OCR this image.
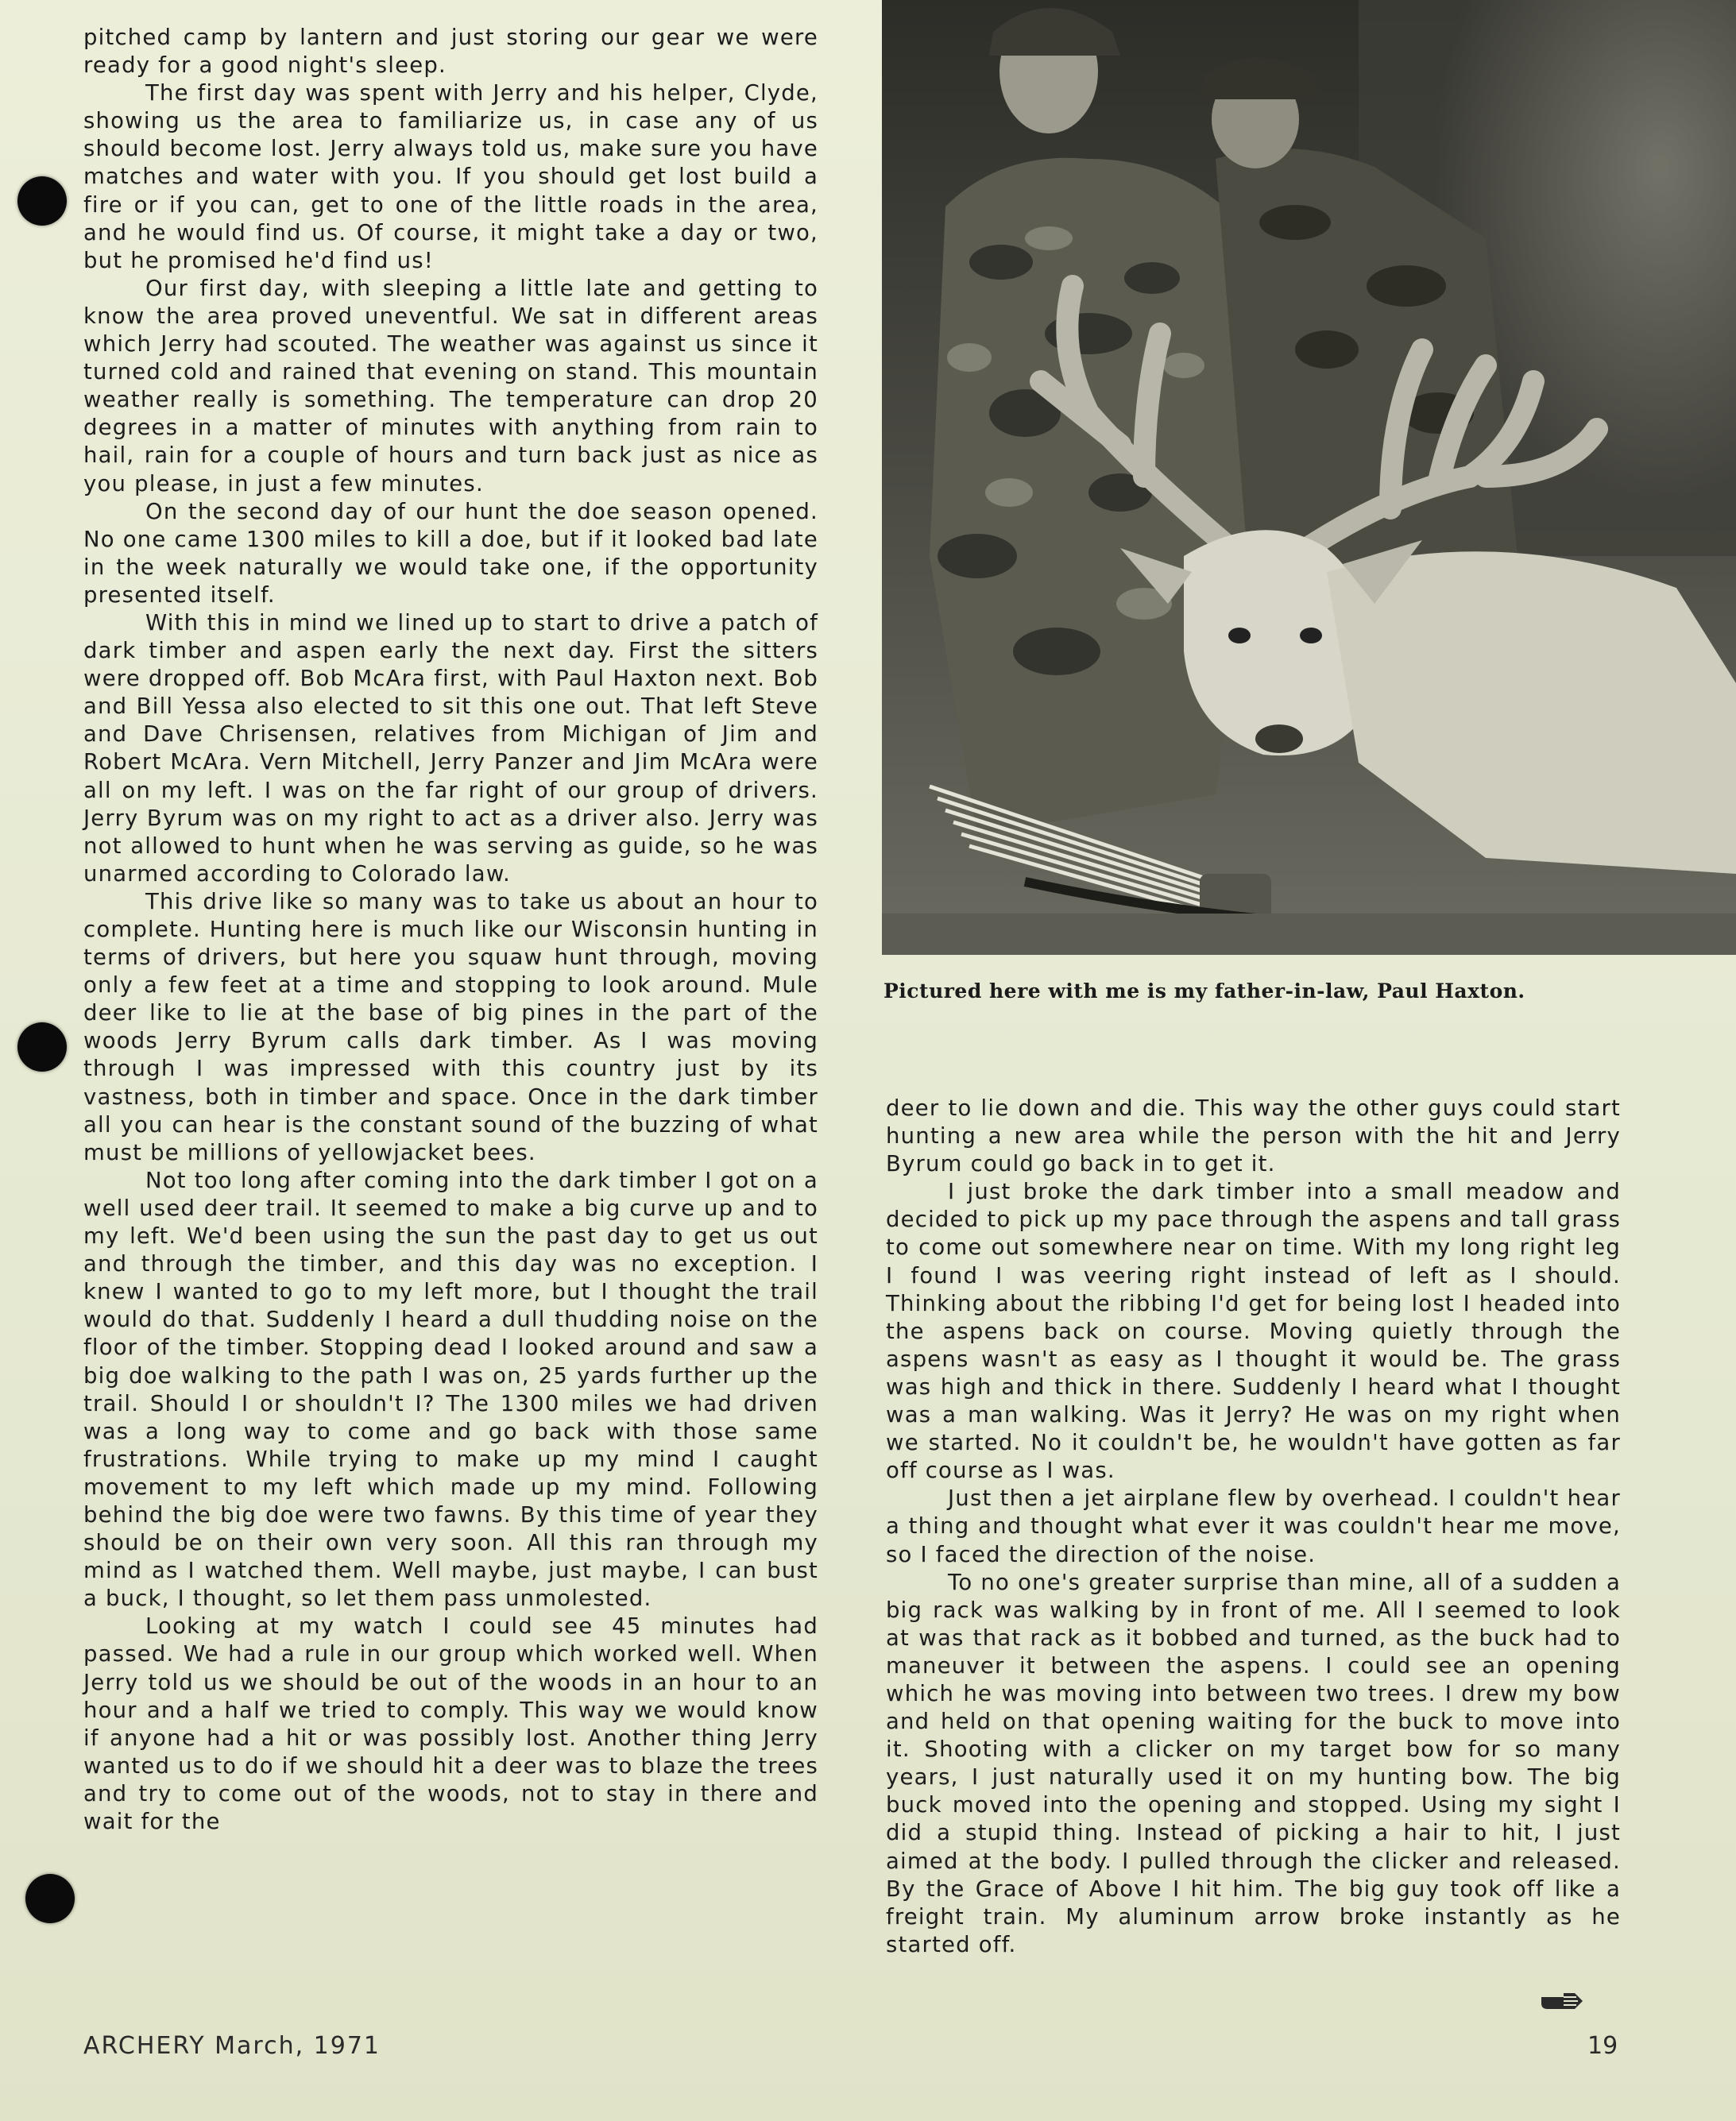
pitched camp by lantern and just storing our gear we were ready for a good night's sleep.

The first day was spent with Jerry and his helper, Clyde, showing us the area to familiarize us, in case any of us should become lost. Jerry always told us, make sure you have matches and water with you. If you should get lost build a fire or if you can, get to one of the little roads in the area, and he would find us. Of course, it might take a day or two, but he promised he'd find us!

Our first day, with sleeping a little late and getting to know the area proved uneventful. We sat in different areas which Jerry had scouted. The weather was against us since it turned cold and rained that evening on stand. This mountain weather really is something. The temperature can drop 20 degrees in a matter of minutes with anything from rain to hail, rain for a couple of hours and turn back just as nice as you please, in just a few minutes.

On the second day of our hunt the doe season opened. No one came 1300 miles to kill a doe, but if it looked bad late in the week naturally we would take one, if the opportunity presented itself.

With this in mind we lined up to start to drive a patch of dark timber and aspen early the next day. First the sitters were dropped off. Bob McAra first, with Paul Haxton next. Bob and Bill Yessa also elected to sit this one out. That left Steve and Dave Chrisensen, relatives from Michigan of Jim and Robert McAra. Vern Mitchell, Jerry Panzer and Jim McAra were all on my left. I was on the far right of our group of drivers. Jerry Byrum was on my right to act as a driver also. Jerry was not allowed to hunt when he was serving as guide, so he was unarmed according to Colorado law.

This drive like so many was to take us about an hour to complete. Hunting here is much like our Wisconsin hunting in terms of drivers, but here you squaw hunt through, moving only a few feet at a time and stopping to look around. Mule deer like to lie at the base of big pines in the part of the woods Jerry Byrum calls dark timber. As I was moving through I was impressed with this country just by its vastness, both in timber and space. Once in the dark timber all you can hear is the constant sound of the buzzing of what must be millions of yellowjacket bees.

Not too long after coming into the dark timber I got on a well used deer trail. It seemed to make a big curve up and to my left. We'd been using the sun the past day to get us out and through the timber, and this day was no exception. I knew I wanted to go to my left more, but I thought the trail would do that. Suddenly I heard a dull thudding noise on the floor of the timber. Stopping dead I looked around and saw a big doe walking to the path I was on, 25 yards further up the trail. Should I or shouldn't I? The 1300 miles we had driven was a long way to come and go back with those same frustrations. While trying to make up my mind I caught movement to my left which made up my mind. Following behind the big doe were two fawns. By this time of year they should be on their own very soon. All this ran through my mind as I watched them. Well maybe, just maybe, I can bust a buck, I thought, so let them pass unmolested.

Looking at my watch I could see 45 minutes had passed. We had a rule in our group which worked well. When Jerry told us we should be out of the woods in an hour to an hour and a half we tried to comply. This way we would know if anyone had a hit or was possibly lost. Another thing Jerry wanted us to do if we should hit a deer was to blaze the trees and try to come out of the woods, not to stay in there and wait for the

Pictured here with me is my father-in-law, Paul Haxton.

deer to lie down and die. This way the other guys could start hunting a new area while the person with the hit and Jerry Byrum could go back in to get it.

I just broke the dark timber into a small meadow and decided to pick up my pace through the aspens and tall grass to come out somewhere near on time. With my long right leg I found I was veering right instead of left as I should. Thinking about the ribbing I'd get for being lost I headed into the aspens back on course. Moving quietly through the aspens wasn't as easy as I thought it would be. The grass was high and thick in there. Suddenly I heard what I thought was a man walking. Was it Jerry? He was on my right when we started. No it couldn't be, he wouldn't have gotten as far off course as I was.

Just then a jet airplane flew by overhead. I couldn't hear a thing and thought what ever it was couldn't hear me move, so I faced the direction of the noise.

To no one's greater surprise than mine, all of a sudden a big rack was walking by in front of me. All I seemed to look at was that rack as it bobbed and turned, as the buck had to maneuver it between the aspens. I could see an opening which he was moving into between two trees. I drew my bow and held on that opening waiting for the buck to move into it. Shooting with a clicker on my target bow for so many years, I just naturally used it on my hunting bow. The big buck moved into the opening and stopped. Using my sight I did a stupid thing. Instead of picking a hair to hit, I just aimed at the body. I pulled through the clicker and released. By the Grace of Above I hit him. The big guy took off like a freight train. My aluminum arrow broke instantly as he started off.

ARCHERY March, 1971	19
